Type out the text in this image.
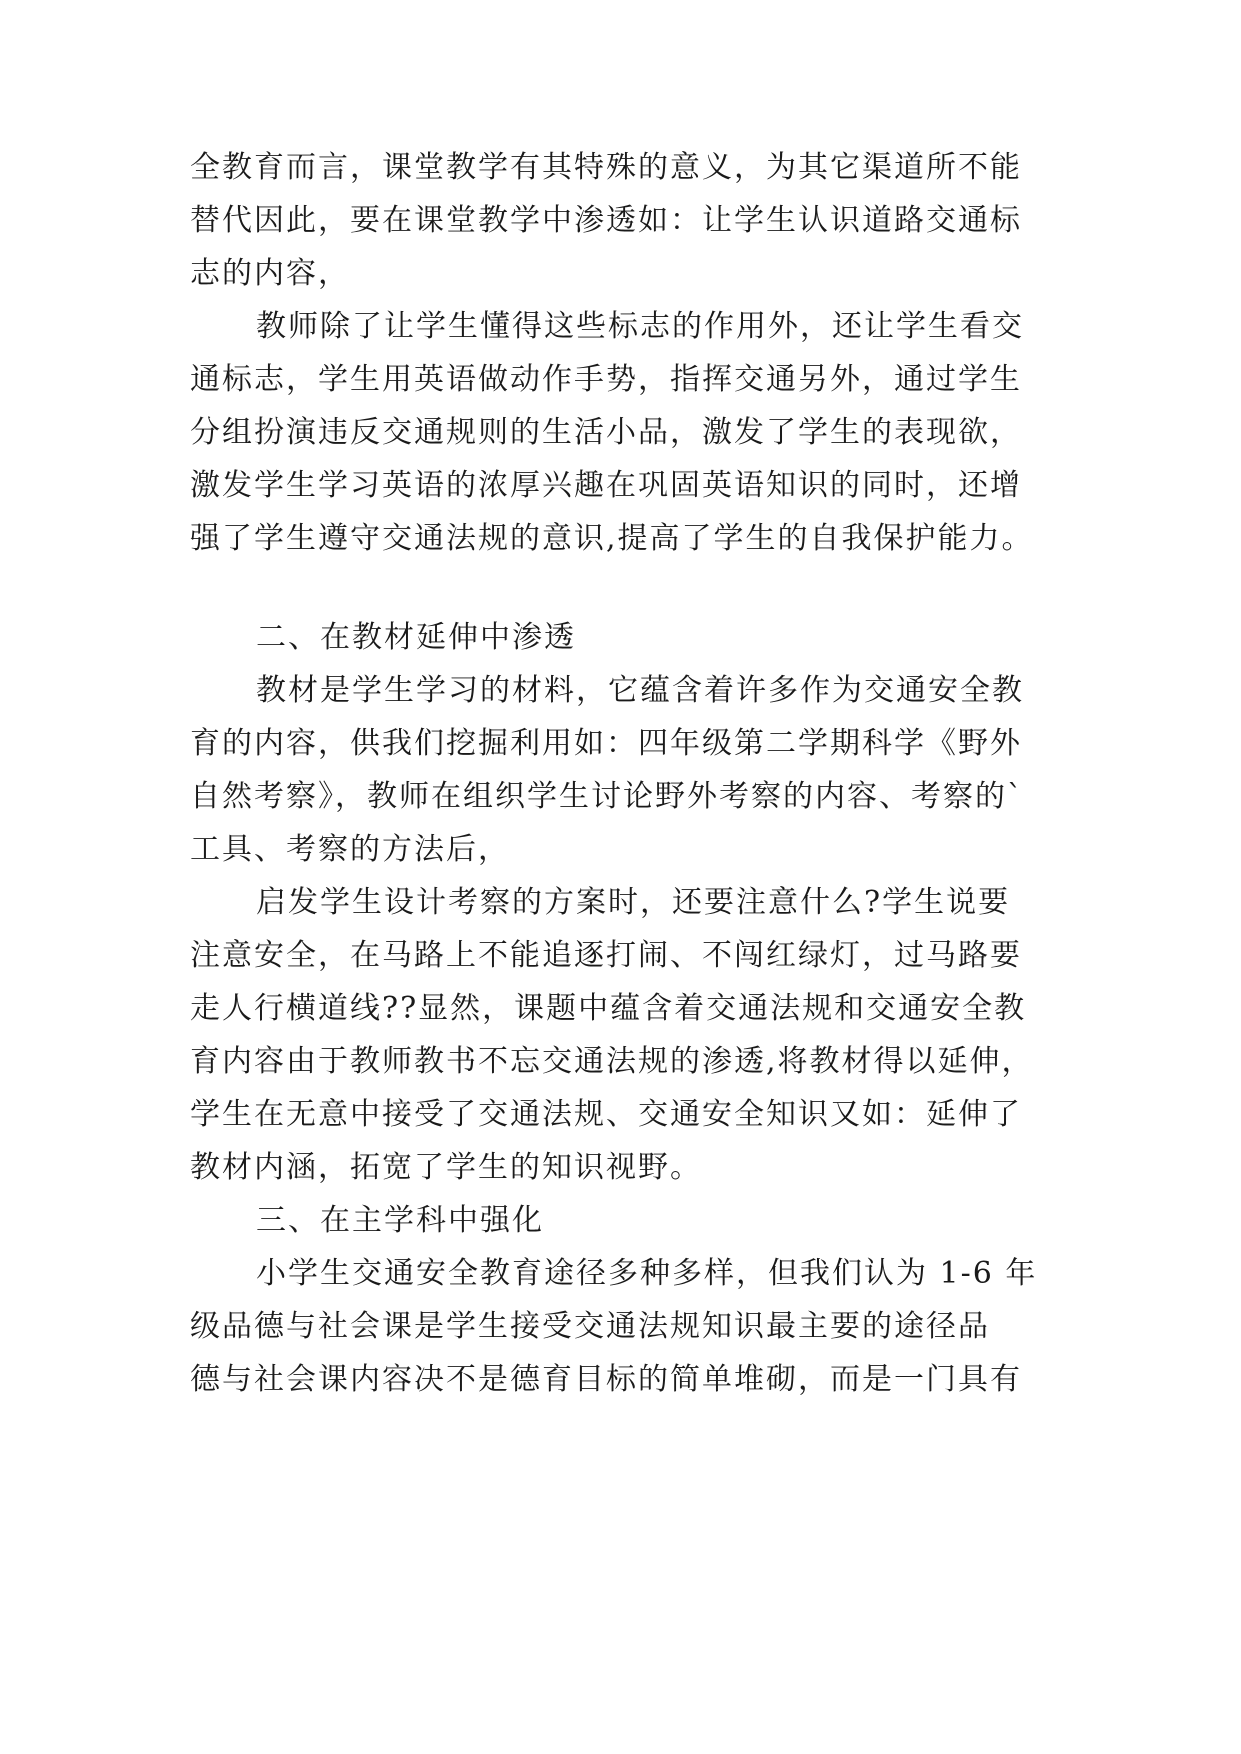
全教育而言，课堂教学有其特殊的意义，为其它渠道所不能
替代因此，要在课堂教学中渗透如：让学生认识道路交通标
志的内容，
教师除了让学生懂得这些标志的作用外，还让学生看交
通标志，学生用英语做动作手势，指挥交通另外，通过学生
分组扮演违反交通规则的生活小品，激发了学生的表现欲，
激发学生学习英语的浓厚兴趣在巩固英语知识的同时，还增
强了学生遵守交通法规的意识,提高了学生的自我保护能力。
二、在教材延伸中渗透
教材是学生学习的材料，它蕴含着许多作为交通安全教
育的内容，供我们挖掘利用如：四年级第二学期科学《野外
自然考察》，教师在组织学生讨论野外考察的内容、考察的`
工具、考察的方法后，
启发学生设计考察的方案时，还要注意什么?学生说要
注意安全，在马路上不能追逐打闹、不闯红绿灯，过马路要
走人行横道线??显然，课题中蕴含着交通法规和交通安全教
育内容由于教师教书不忘交通法规的渗透,将教材得以延伸，
学生在无意中接受了交通法规、交通安全知识又如：延伸了
教材内涵，拓宽了学生的知识视野。
三、在主学科中强化
小学生交通安全教育途径多种多样，但我们认为 1-6 年
级品德与社会课是学生接受交通法规知识最主要的途径品
德与社会课内容决不是德育目标的简单堆砌，而是一门具有
